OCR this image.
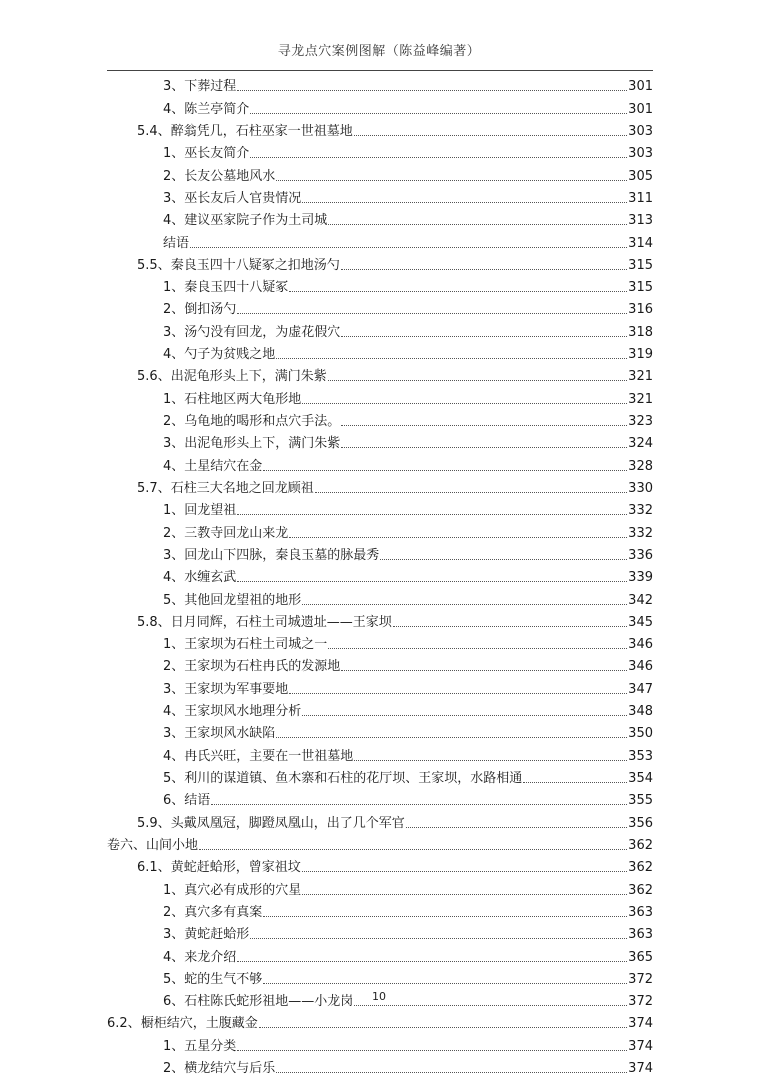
寻龙点穴案例图解（陈益峰编著）
3、 下葬过程	301
4、 陈兰亭简介	301
5.4、 醉翁凭几，石柱巫家一世祖墓地	303
1、 巫长友简介	303
2、 长友公墓地风水	305
3、 巫长友后人官贵情况	311
4、 建议巫家院子作为土司城	313
结语	314
5.5、 秦良玉四十八疑冢之扣地汤勺	315
1、 秦良玉四十八疑冢	315
2、 倒扣汤勺	316
3、 汤勺没有回龙，为虚花假穴	318
4、 勺子为贫贱之地	319
5.6、 出泥龟形头上下，满门朱紫	321
1、 石柱地区两大龟形地	321
2、 乌龟地的喝形和点穴手法。	323
3、 出泥龟形头上下，满门朱紫	324
4、 土星结穴在金	328
5.7、 石柱三大名地之回龙顾祖	330
1、 回龙望祖	332
2、 三教寺回龙山来龙	332
3、 回龙山下四脉，秦良玉墓的脉最秀	336
4、 水缠玄武	339
5、 其他回龙望祖的地形	342
5.8、 日月同辉，石柱土司城遗址——王家坝	345
1、 王家坝为石柱土司城之一	346
2、 王家坝为石柱冉氏的发源地	346
3、 王家坝为军事要地	347
4、 王家坝风水地理分析	348
3、 王家坝风水缺陷	350
4、 冉氏兴旺，主要在一世祖墓地	353
5、 利川的谋道镇、鱼木寨和石柱的花厅坝、王家坝，水路相通	354
6、 结语	355
5.9、 头戴凤凰冠，脚蹬凤凰山，出了几个军官	356
卷六、 山间小地	362
6.1、 黄蛇赶蛤形，曾家祖坟	362
1、 真穴必有成形的穴星	362
2、 真穴多有真案	363
3、 黄蛇赶蛤形	363
4、 来龙介绍	365
5、 蛇的生气不够	372
6、 石柱陈氏蛇形祖地——小龙岗	372
6.2、 橱柜结穴，土腹藏金	374
1、 五星分类	374
2、 横龙结穴与后乐	374
10
